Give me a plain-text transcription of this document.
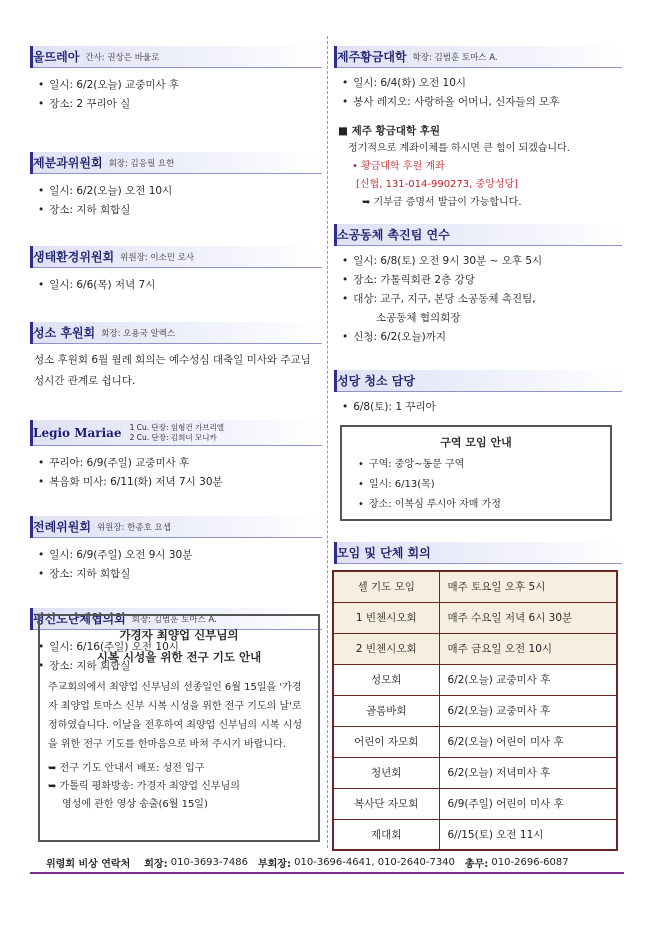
울뜨레아 간사: 권상은 바울로
• 일시: 6/2(오늘) 교중미사 후
• 장소: 2 꾸리아 실
제분과위원회 회장: 김응필 요한
• 일시: 6/2(오늘) 오전 10시
• 장소: 지하 회합실
생태환경위원회 위원장: 이소민 로사
• 일시: 6/6(목) 저녁 7시
성소 후원회 회장: 오용국 알렉스
성소 후원회 6월 월례 회의는 예수성심 대축일 미사와 주교님 성시간 관계로 쉽니다.
Legio Mariae 1 Cu. 단장: 임형건 가브리엘
2 Cu. 단장: 김희녀 모니카
• 꾸리아: 6/9(주일) 교중미사 후
• 복음화 미사: 6/11(화) 저녁 7시 30분
전례위원회 위원장: 한종호 요셉
• 일시: 6/9(주일) 오전 9시 30분
• 장소: 지하 회합실
평신도단체협의회 회장: 김범훈 토마스 A.
• 일시: 6/16(주일) 오전 10시
• 장소: 지하 회합실
가경자 최양업 신부님의
시복 시성을 위한 전구 기도 안내
주교회의에서 최양업 신부님의 선종일인 6월 15일을 '가경자 최양업 토마스 신부 시복 시성을 위한 전구 기도의 날'로 정하였습니다. 이날을 전후하여 최양업 신부님의 시복 시성을 위한 전구 기도를 한마음으로 바쳐 주시기 바랍니다.
➥ 전구 기도 안내서 배포: 성전 입구
➥ 가톨릭 평화방송: 가경자 최양업 신부님의
영성에 관한 영상 송출(6월 15일)
제주황금대학 학장: 김범훈 토마스 A.
• 일시: 6/4(화) 오전 10시
• 봉사 레지오: 사랑하올 어머니, 신자들의 모후
■ 제주 황금대학 후원
정기적으로 계좌이체를 하시면 큰 힘이 되겠습니다.
• 황금대학 후원 계좌
[신협, 131-014-990273, 중앙성당]
➥ 기부금 증명서 발급이 가능합니다.
소공동체 촉진팀 연수
• 일시: 6/8(토) 오전 9시 30분 ~ 오후 5시
• 장소: 가톨릭회관 2층 강당
• 대상: 교구, 지구, 본당 소공동체 촉진팀,
소공동체 협의회장
• 신청: 6/2(오늘)까지
성당 청소 담당
• 6/8(토): 1 꾸리아
구역 모임 안내
• 구역: 중앙~동문 구역
• 일시: 6/13(목)
• 장소: 이복심 루시아 자매 가정
모임 및 단체 회의
셀 기도 모임	매주 토요일 오후 5시
1 빈첸시오회	매주 수요일 저녁 6시 30분
2 빈첸시오회	매주 금요일 오전 10시
성모회	6/2(오늘) 교중미사 후
골롬바회	6/2(오늘) 교중미사 후
어린이 자모회	6/2(오늘) 어린이 미사 후
청년회	6/2(오늘) 저녁미사 후
복사단 자모회	6/9(주일) 어린이 미사 후
제대회	6//15(토) 오전 11시
위령회 비상 연락처 회장:
010-3693-7486 부회장:
010-3696-4641, 010-2640-7340 총무:
010-2696-6087
